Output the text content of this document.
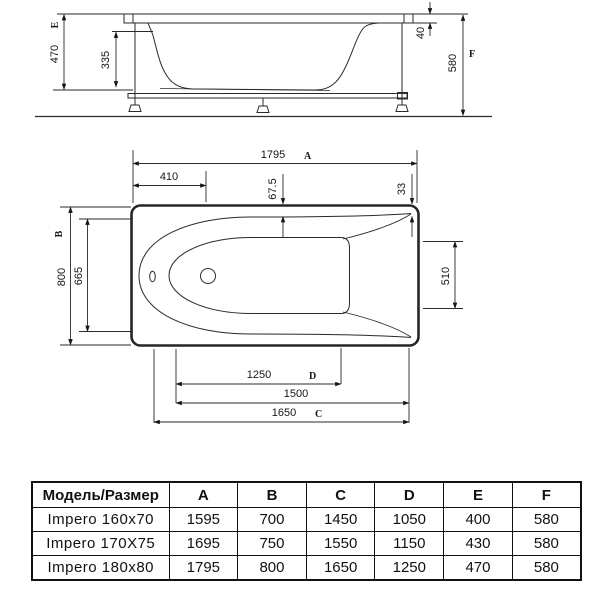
470
E
335
40
580 F
1795 A
410
67.5	33
B
800 665	510
1250	D
1500
1650 C
Модель/Размер	A	B	C	D	E	F
Impero 160x70	1595	700	1450	1050	400	580
Impero 170X75	1695	750	1550	1150	430	580
Impero 180x80	1795	800	1650	1250	470	580
